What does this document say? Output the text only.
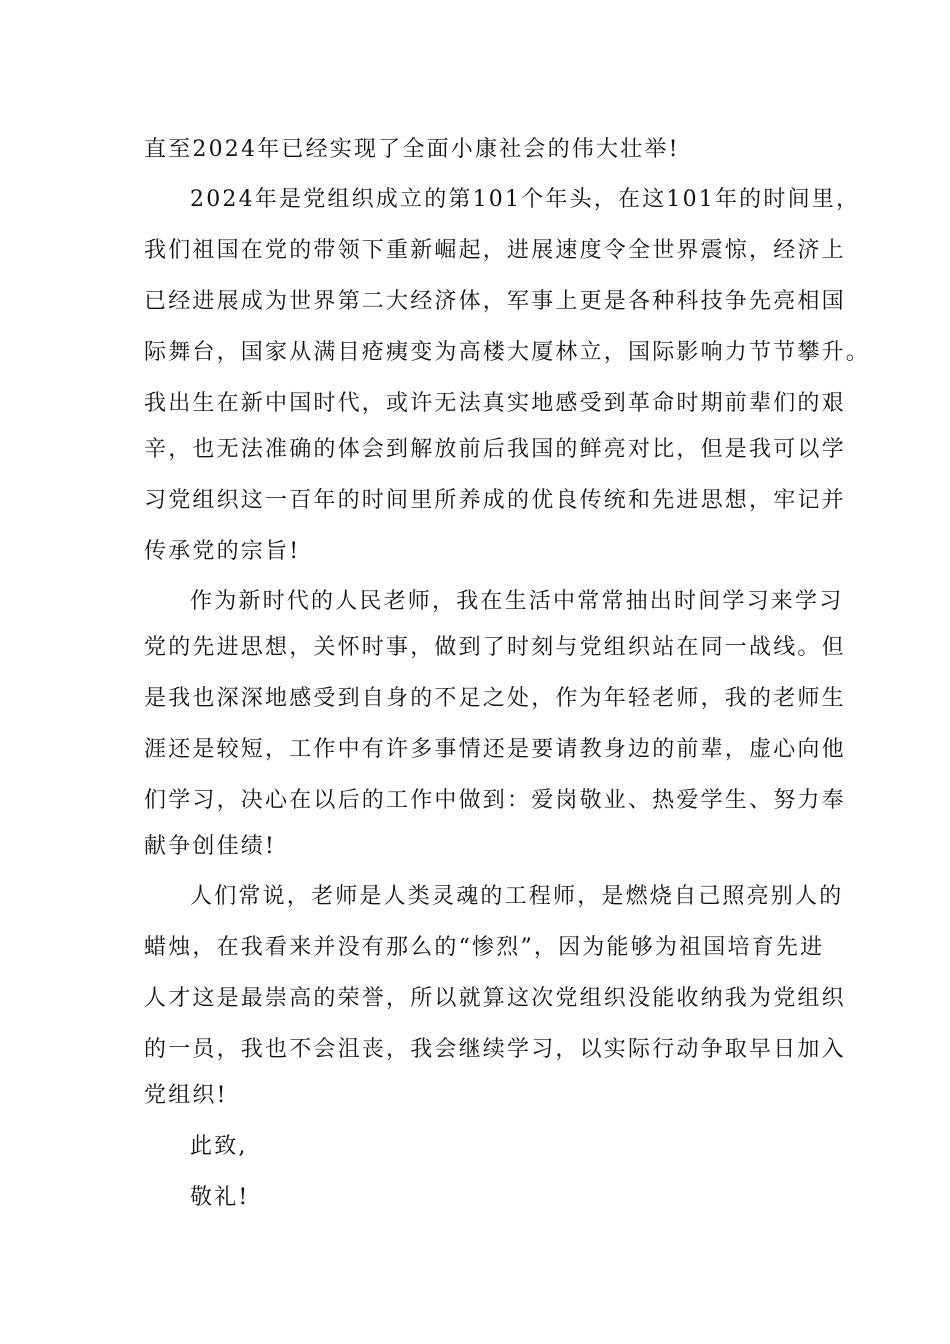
直至2024年已经实现了全面小康社会的伟大壮举!
2024年是党组织成立的第101个年头，在这101年的时间里，
我们祖国在党的带领下重新崛起，进展速度令全世界震惊，经济上
已经进展成为世界第二大经济体，军事上更是各种科技争先亮相国
际舞台，国家从满目疮痍变为高楼大厦林立，国际影响力节节攀升。
我出生在新中国时代，或许无法真实地感受到革命时期前辈们的艰
辛，也无法准确的体会到解放前后我国的鲜亮对比，但是我可以学
习党组织这一百年的时间里所养成的优良传统和先进思想，牢记并
传承党的宗旨!
作为新时代的人民老师，我在生活中常常抽出时间学习来学习
党的先进思想，关怀时事，做到了时刻与党组织站在同一战线。但
是我也深深地感受到自身的不足之处，作为年轻老师，我的老师生
涯还是较短，工作中有许多事情还是要请教身边的前辈，虚心向他
们学习，决心在以后的工作中做到：爱岗敬业、热爱学生、努力奉
献争创佳绩!
人们常说，老师是人类灵魂的工程师，是燃烧自己照亮别人的
蜡烛，在我看来并没有那么的“惨烈”，因为能够为祖国培育先进
人才这是最崇高的荣誉，所以就算这次党组织没能收纳我为党组织
的一员，我也不会沮丧，我会继续学习，以实际行动争取早日加入
党组织!
此致,
敬礼!
